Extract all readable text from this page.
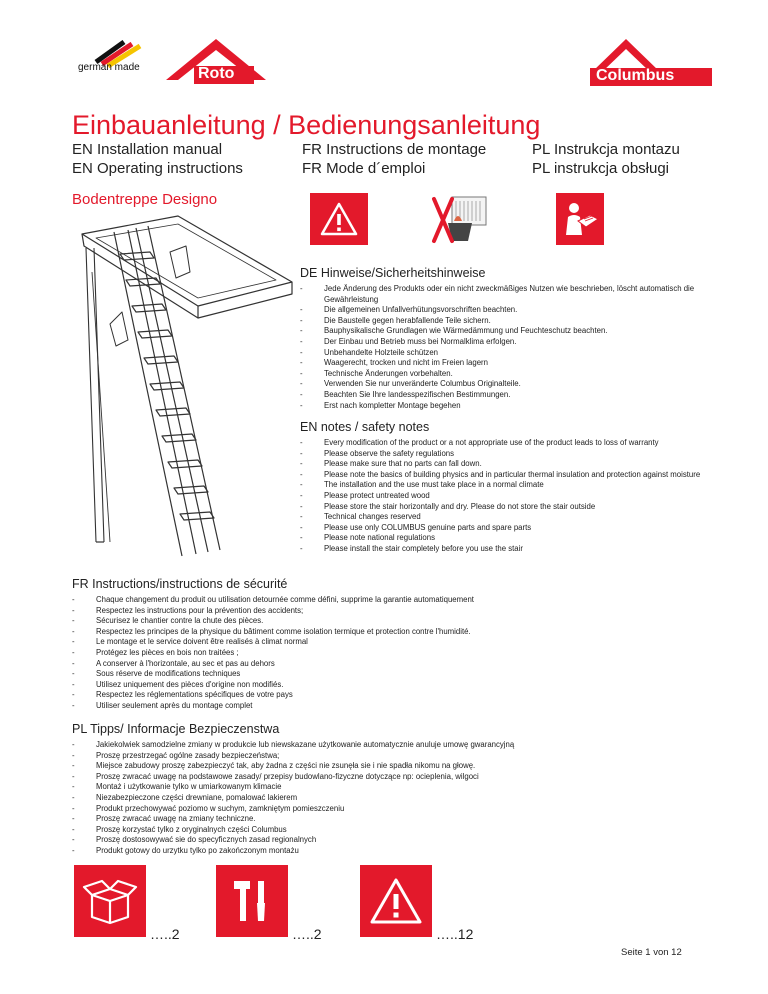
german made	Roto	Columbus
Einbauanleitung / Bedienungsanleitung
EN Installation manual
EN Operating instructions
FR Instructions de montage
FR Mode d´emploi
PL Instrukcja montazu
PL instrukcja obsługi
Bodentreppe Designo
DE Hinweise/Sicherheitshinweise
- Jede Änderung des Produkts oder ein nicht zweckmäßiges Nutzen wie beschrieben, löscht automatisch die Gewährleistung
- Die allgemeinen Unfallverhütungsvorschriften beachten.
- Die Baustelle gegen herabfallende Teile sichern.
- Bauphysikalische Grundlagen wie Wärmedämmung und Feuchteschutz beachten.
- Der Einbau und Betrieb muss bei Normalklima erfolgen.
- Unbehandelte Holzteile schützen
- Waagerecht, trocken und nicht im Freien lagern
- Technische Änderungen vorbehalten.
- Verwenden Sie nur unveränderte Columbus Originalteile.
- Beachten Sie Ihre landesspezifischen Bestimmungen.
- Erst nach kompletter Montage begehen
EN notes / safety notes
- Every modification of the product or a not appropriate use of the product leads to loss of warranty
- Please observe the safety regulations
- Please make sure that no parts can fall down.
- Please note the basics of building physics and in particular thermal insulation and protection against moisture
- The installation and the use must take place in a normal climate
- Please protect untreated wood
- Please store the stair horizontally and dry. Please do not store the stair outside
- Technical changes reserved
- Please use only COLUMBUS genuine parts and spare parts
- Please note national regulations
- Please install the stair completely before you use the stair
FR Instructions/instructions de sécurité
- Chaque changement du produit ou utilisation detournée comme défini, supprime la garantie automatiquement
- Respectez les instructions pour la prévention des accidents;
- Sécurisez le chantier contre la chute des pièces.
- Respectez les principes de la physique du bâtiment comme isolation termique et protection contre l'humidité.
- Le montage et le service doivent être realisés à climat normal
- Protégez les pièces en bois non traitées ;
- A conserver à l'horizontale, au sec et pas au dehors
- Sous réserve de modifications techniques
- Utilisez uniquement des pièces d'origine non modifiés.
- Respectez les réglementations spécifiques de votre pays
- Utiliser seulement après du montage complet
PL Tipps/ Informacje Bezpieczenstwa
- Jakiekolwiek samodzielne zmiany w produkcie lub niewskazane użytkowanie automatycznie anuluje umowę gwarancyjną
- Proszę przestrzegać ogólne zasady bezpieczeństwa;
- Miejsce zabudowy proszę zabezpieczyć tak, aby żadna z części nie zsunęła sie i nie spadła nikomu na głowę.
- Proszę zwracać uwagę na podstawowe zasady/ przepisy budowlano-fizyczne dotyczące np: ocieplenia, wilgoci
- Montaż i użytkowanie tylko w umiarkowanym klimacie
- Niezabezpieczone części drewniane, pomalować lakierem
- Produkt przechowywać poziomo w suchym, zamkniętym pomieszczeniu
- Proszę zwracać uwagę na zmiany techniczne.
- Proszę korzystać tylko z oryginalnych części Columbus
- Proszę dostosowywać sie do specyficznych zasad regionalnych
- Produkt gotowy do urzytku tylko po zakończonym montażu
…..2	…..2	…..12
Seite 1 von 12
